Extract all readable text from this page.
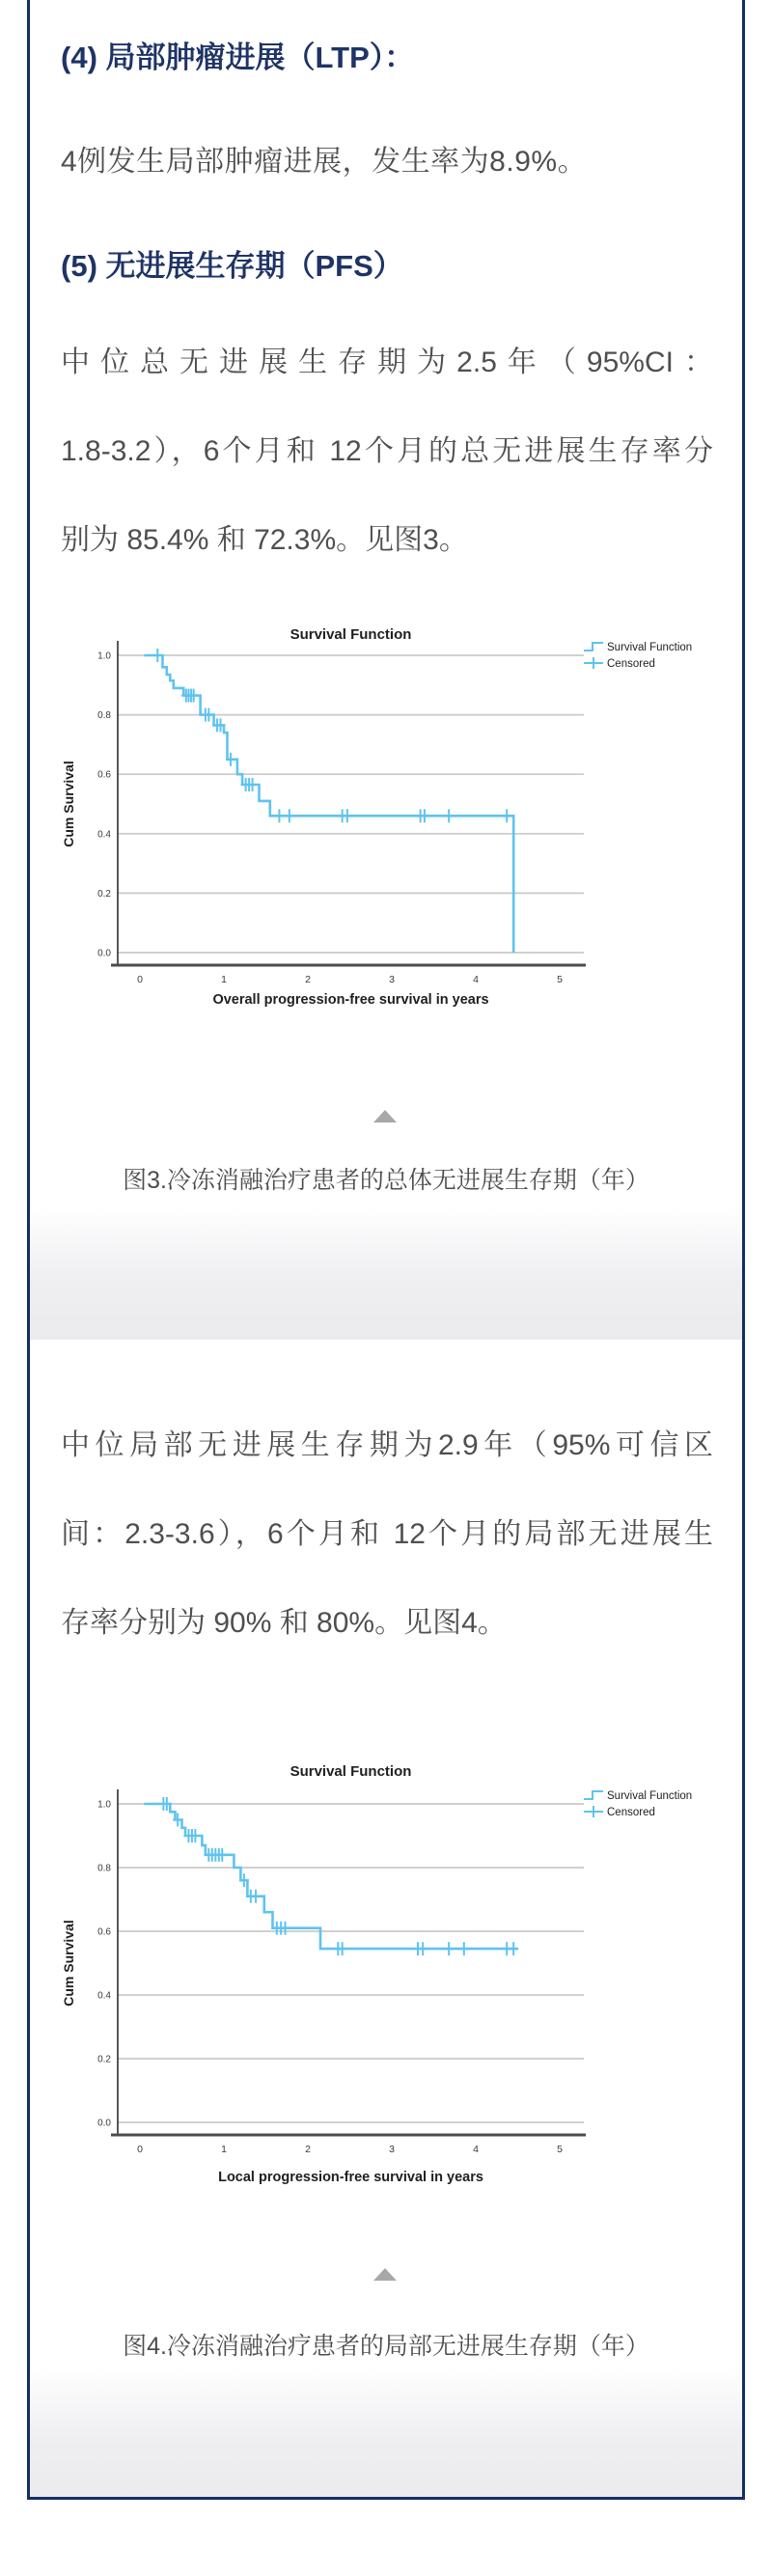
(4) 局部肿瘤进展（LTP）：

4例发生局部肿瘤进展，发生率为8.9%。

(5) 无进展生存期（PFS）
中位总无进展生存期为2.5年（95%CI：
1.8-3.2），6个月和 12个月的总无进展生存率分
别为 85.4% 和 72.3%。见图3。
0.0
0.2
0.4
0.6
0.8
1.0
0	1	2	3	4	5
Survival Function
Cum Survival
Overall progression-free survival in years
Survival Function
Censored
图3.冷冻消融治疗患者的总体无进展生存期（年）
中位局部无进展生存期为2.9年（95%可信区
间：2.3-3.6），6个月和 12个月的局部无进展生
存率分别为 90% 和 80%。见图4。
0.0
0.2
0.4
0.6
0.8
1.0
0	1	2	3	4	5
Survival Function
Cum Survival
Local progression-free survival in years
Survival Function
Censored
图4.冷冻消融治疗患者的局部无进展生存期（年）
